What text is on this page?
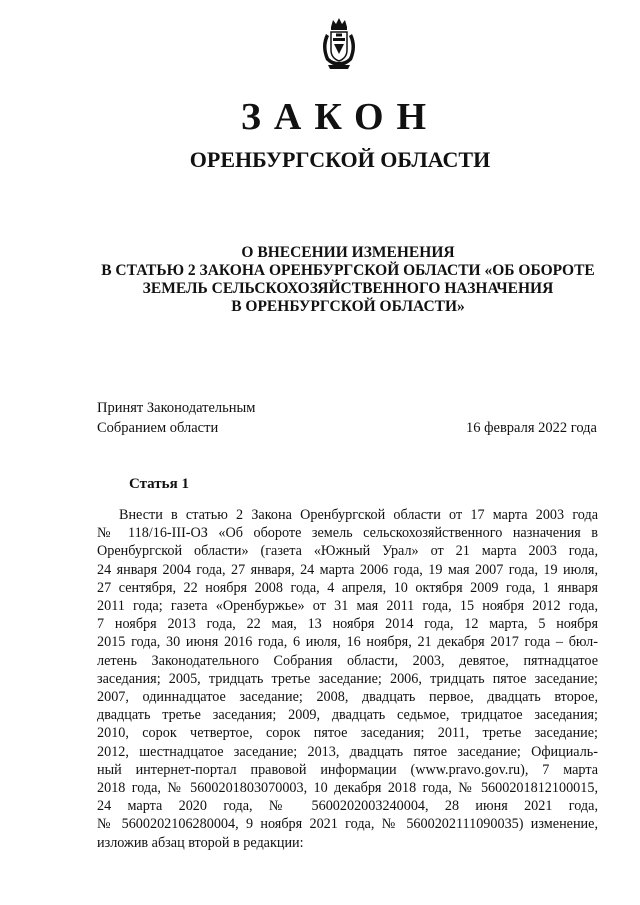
ЗАКОН
ОРЕНБУРГСКОЙ ОБЛАСТИ
О ВНЕСЕНИИ ИЗМЕНЕНИЯ
В СТАТЬЮ 2 ЗАКОНА ОРЕНБУРГСКОЙ ОБЛАСТИ «ОБ ОБОРОТЕ
ЗЕМЕЛЬ СЕЛЬСКОХОЗЯЙСТВЕННОГО НАЗНАЧЕНИЯ
В ОРЕНБУРГСКОЙ ОБЛАСТИ»
Принят Законодательным
Собранием области	16 февраля 2022 года
Статья 1
Внести в статью 2 Закона Оренбургской области от 17 марта 2003 года
№ 118/16-III-ОЗ «Об обороте земель сельскохозяйственного назначения в
Оренбургской области» (газета «Южный Урал» от 21 марта 2003 года,
24 января 2004 года, 27 января, 24 марта 2006 года, 19 мая 2007 года, 19 июля,
27 сентября, 22 ноября 2008 года, 4 апреля, 10 октября 2009 года, 1 января
2011 года; газета «Оренбуржье» от 31 мая 2011 года, 15 ноября 2012 года,
7 ноября 2013 года, 22 мая, 13 ноября 2014 года, 12 марта, 5 ноября
2015 года, 30 июня 2016 года, 6 июля, 16 ноября, 21 декабря 2017 года – бюл-
летень Законодательного Собрания области, 2003, девятое, пятнадцатое
заседания; 2005, тридцать третье заседание; 2006, тридцать пятое заседание;
2007, одиннадцатое заседание; 2008, двадцать первое, двадцать второе,
двадцать третье заседания; 2009, двадцать седьмое, тридцатое заседания;
2010, сорок четвертое, сорок пятое заседания; 2011, третье заседание;
2012, шестнадцатое заседание; 2013, двадцать пятое заседание; Официаль-
ный интернет-портал правовой информации (www.pravo.gov.ru), 7 марта
2018 года, № 5600201803070003, 10 декабря 2018 года, № 5600201812100015,
24 марта 2020 года, № 5600202003240004, 28 июня 2021 года,
№ 5600202106280004, 9 ноября 2021 года, № 5600202111090035) изменение,
изложив абзац второй в редакции:
